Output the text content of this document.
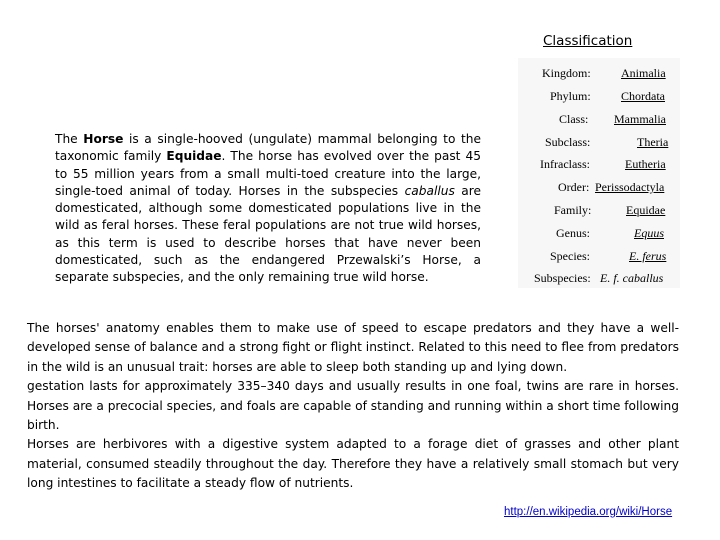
Classification
Kingdom:	Animalia
Phylum:	Chordata
Class: Mammalia
Subclass:	Theria
Infraclass:	Eutheria
Order: Perissodactyla
Family:	Equidae
Genus:	Equus
Species:	E. ferus
Subspecies: E. f. caballus

The Horse is a single-hooved (ungulate) mammal belonging to the taxonomic family Equidae. The horse has evolved over the past 45 to 55 million years from a small multi-toed creature into the large, single-toed animal of today. Horses in the subspecies caballus are domesticated, although some domesticated populations live in the wild as feral horses. These feral populations are not true wild horses, as this term is used to describe horses that have never been domesticated, such as the endangered Przewalski’s Horse, a separate subspecies, and the only remaining true wild horse.

The horses' anatomy enables them to make use of speed to escape predators and they have a well-developed sense of balance and a strong fight or flight instinct. Related to this need to flee from predators in the wild is an unusual trait: horses are able to sleep both standing up and lying down.
gestation lasts for approximately 335–340 days and usually results in one foal, twins are rare in horses. Horses are a precocial species, and foals are capable of standing and running within a short time following birth.
Horses are herbivores with a digestive system adapted to a forage diet of grasses and other plant material, consumed steadily throughout the day. Therefore they have a relatively small stomach but very long intestines to facilitate a steady flow of nutrients.
http://en.wikipedia.org/wiki/Horse
